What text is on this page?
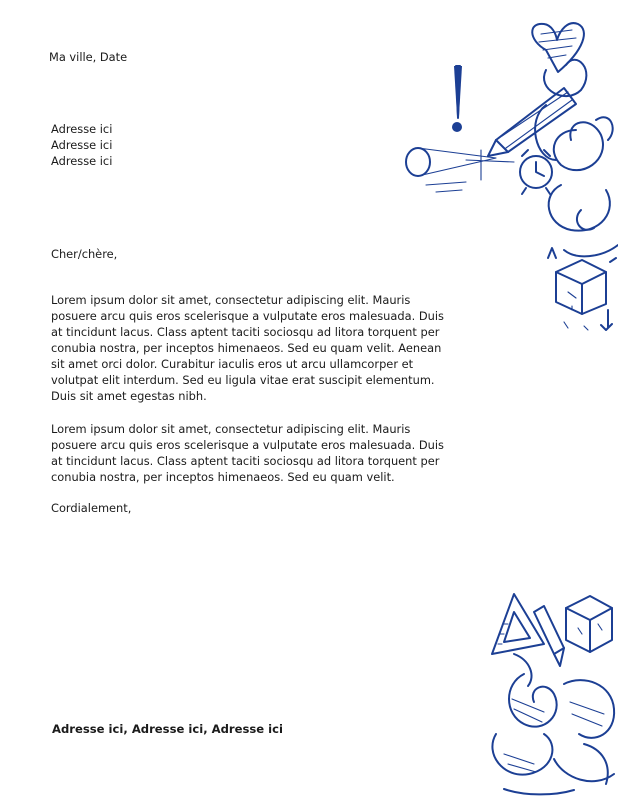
Ma ville, Date
Adresse ici
Adresse ici
Adresse ici
Cher/chère,
Lorem ipsum dolor sit amet, consectetur adipiscing elit. Mauris
posuere arcu quis eros scelerisque a vulputate eros malesuada. Duis
at tincidunt lacus. Class aptent taciti sociosqu ad litora torquent per
conubia nostra, per inceptos himenaeos. Sed eu quam velit. Aenean
sit amet orci dolor. Curabitur iaculis eros ut arcu ullamcorper et
volutpat elit interdum. Sed eu ligula vitae erat suscipit elementum.
Duis sit amet egestas nibh.
Lorem ipsum dolor sit amet, consectetur adipiscing elit. Mauris
posuere arcu quis eros scelerisque a vulputate eros malesuada. Duis
at tincidunt lacus. Class aptent taciti sociosqu ad litora torquent per
conubia nostra, per inceptos himenaeos. Sed eu quam velit.
Cordialement,
Adresse ici, Adresse ici, Adresse ici
